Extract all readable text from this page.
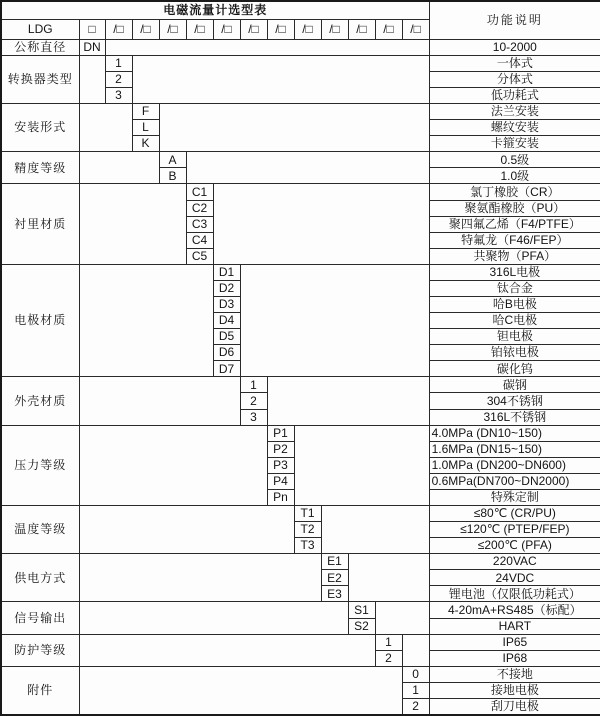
电磁流量计选型表														功能说明
LDG	□	/□	/□	/□	/□	/□	/□	/□	/□	/□	/□	/□	/□	
公称直径	DN													10-2000
转换器类型		1												一体式
		2												分体式
		3												低功耗式
安装形式			F											法兰安装
			L											螺纹安装
			K											卡箍安装
精度等级				A										0.5级
				B										1.0级
衬里材质					C1									氯丁橡胶（CR）
					C2									聚氨酯橡胶（PU）
					C3									聚四氟乙烯（F4/PTFE）
					C4									特氟龙（F46/FEP）
					C5									共聚物（PFA）
电极材质						D1								316L电极
						D2								钛合金
						D3								哈B电极
						D4								哈C电极
						D5								钽电极
						D6								铂铱电极
						D7								碳化钨
外壳材质							1							碳钢
							2							304不锈钢
							3							316L不锈钢
压力等级								P1						4.0MPa (DN10~150)
								P2						1.6MPa (DN15~150)
								P3						1.0MPa (DN200~DN600)
								P4						0.6MPa(DN700~DN2000)
								Pn						特殊定制
温度等级									T1					≤80℃ (CR/PU)
									T2					≤120℃ (PTEP/FEP)
									T3					≤200℃ (PFA)
供电方式										E1				220VAC
										E2				24VDC
										E3				锂电池（仅限低功耗式）
信号输出											S1			4-20mA+RS485（标配）
											S2			HART
防护等级												1		IP65
												2		IP68
附件													0	不接地
													1	接地电极
													2	刮刀电极
